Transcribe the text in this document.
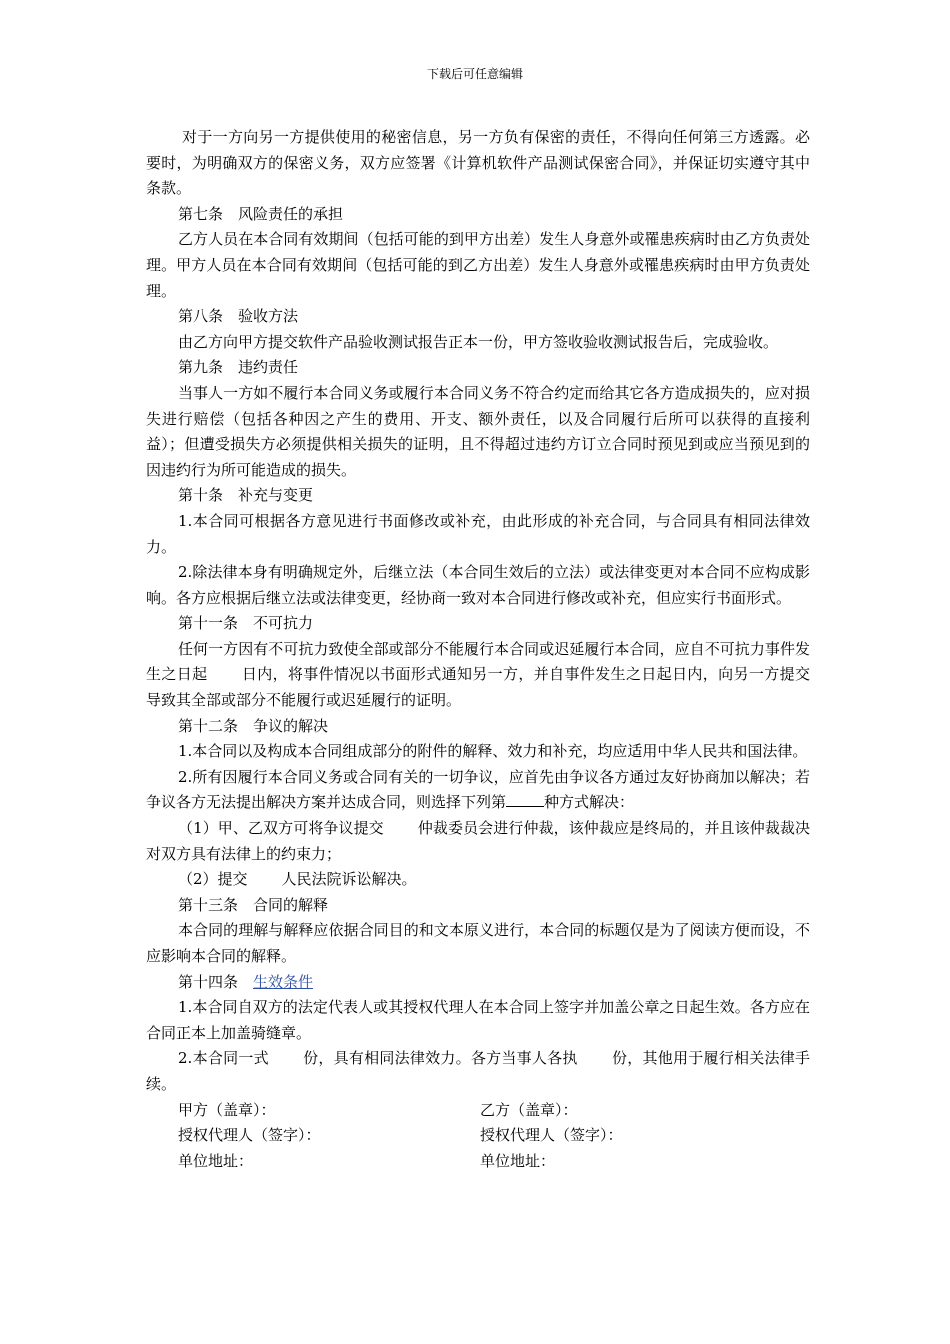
下载后可任意编辑

对于一方向另一方提供使用的秘密信息，另一方负有保密的责任，不得向任何第三方透露。必要时，为明确双方的保密义务，双方应签署《计算机软件产品测试保密合同》，并保证切实遵守其中条款。

第七条 风险责任的承担

乙方人员在本合同有效期间（包括可能的到甲方出差）发生人身意外或罹患疾病时由乙方负责处理。甲方人员在本合同有效期间（包括可能的到乙方出差）发生人身意外或罹患疾病时由甲方负责处理。

第八条 验收方法

由乙方向甲方提交软件产品验收测试报告正本一份，甲方签收验收测试报告后，完成验收。

第九条 违约责任

当事人一方如不履行本合同义务或履行本合同义务不符合约定而给其它各方造成损失的，应对损失进行赔偿（包括各种因之产生的费用、开支、额外责任，以及合同履行后所可以获得的直接利益）；但遭受损失方必须提供相关损失的证明，且不得超过违约方订立合同时预见到或应当预见到的因违约行为所可能造成的损失。

第十条 补充与变更

1.本合同可根据各方意见进行书面修改或补充，由此形成的补充合同，与合同具有相同法律效力。

2.除法律本身有明确规定外，后继立法（本合同生效后的立法）或法律变更对本合同不应构成影响。各方应根据后继立法或法律变更，经协商一致对本合同进行修改或补充，但应实行书面形式。

第十一条 不可抗力

任何一方因有不可抗力致使全部或部分不能履行本合同或迟延履行本合同，应自不可抗力事件发生之日起 日内，将事件情况以书面形式通知另一方，并自事件发生之日起日内，向另一方提交导致其全部或部分不能履行或迟延履行的证明。

第十二条 争议的解决

1.本合同以及构成本合同组成部分的附件的解释、效力和补充，均应适用中华人民共和国法律。

2.所有因履行本合同义务或合同有关的一切争议，应首先由争议各方通过友好协商加以解决；若争议各方无法提出解决方案并达成合同，则选择下列第	种方式解决：

（1）甲、乙双方可将争议提交 仲裁委员会进行仲裁，该仲裁应是终局的，并且该仲裁裁决对双方具有法律上的约束力；

（2）提交 人民法院诉讼解决。

第十三条 合同的解释

本合同的理解与解释应依据合同目的和文本原义进行，本合同的标题仅是为了阅读方便而设，不应影响本合同的解释。

第十四条 生效条件

1.本合同自双方的法定代表人或其授权代理人在本合同上签字并加盖公章之日起生效。各方应在合同正本上加盖骑缝章。

2.本合同一式 份，具有相同法律效力。各方当事人各执 份，其他用于履行相关法律手续。

甲方（盖章）：	乙方（盖章）：
授权代理人（签字）：	授权代理人（签字）：
单位地址：	单位地址：
